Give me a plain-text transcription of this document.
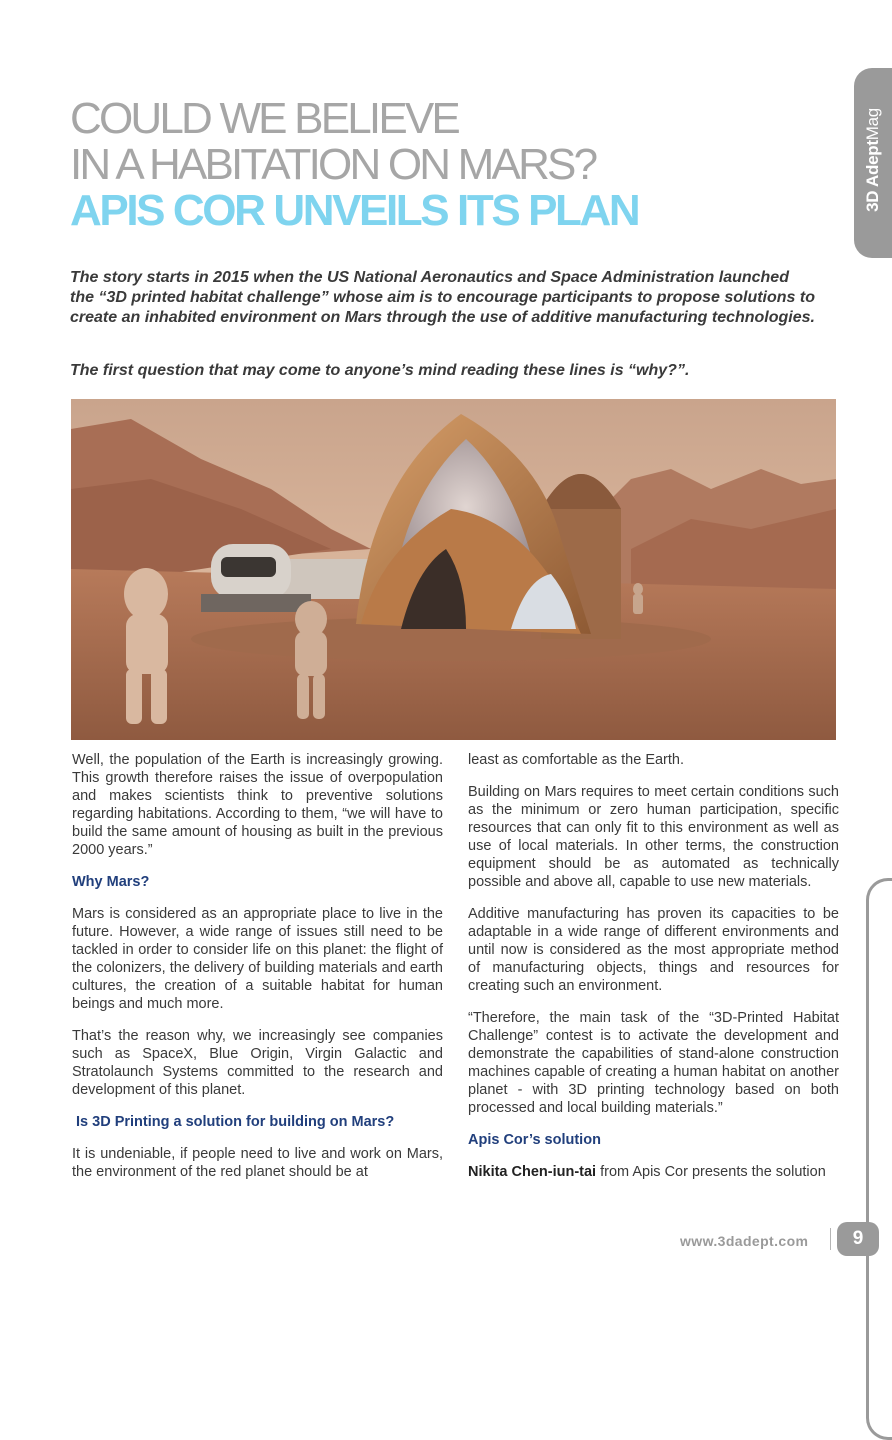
3D AdeptMag
COULD WE BELIEVE
IN A HABITATION ON MARS?
APIS COR UNVEILS ITS PLAN

The story starts in 2015 when the US National Aeronautics and Space Administration launched the “3D printed habitat challenge” whose aim is to encourage participants to propose solutions to create an inhabited environment on Mars through the use of additive manufacturing technologies.

The first question that may come to anyone’s mind reading these lines is “why?”.

Well, the population of the Earth is increasingly growing. This growth therefore raises the issue of overpopulation and makes scientists think to preventive solutions regarding habitations. According to them, “we will have to build the same amount of housing as built in the previous 2000 years.”

Why Mars?

Mars is considered as an appropriate place to live in the future. However, a wide range of issues still need to be tackled in order to consider life on this planet: the flight of the colonizers, the delivery of building materials and earth cultures, the creation of a suitable habitat for human beings and much more.

That’s the reason why, we increasingly see companies such as SpaceX, Blue Origin, Virgin Galactic and Stratolaunch Systems committed to the research and development of this planet.

Is 3D Printing a solution for building on Mars?

It is undeniable, if people need to live and work on Mars, the environment of the red planet should be at

least as comfortable as the Earth.

Building on Mars requires to meet certain conditions such as the minimum or zero human participation, specific resources that can only fit to this environment as well as use of local materials. In other terms, the construction equipment should be as automated as technically possible and above all, capable to use new materials.

Additive manufacturing has proven its capacities to be adaptable in a wide range of different environments and until now is considered as the most appropriate method of manufacturing objects, things and resources for creating such an environment.

“Therefore, the main task of the “3D-Printed Habitat Challenge” contest is to activate the development and demonstrate the capabilities of stand-alone construction machines capable of creating a human habitat on another planet - with 3D printing technology based on both processed and local building materials.”

Apis Cor’s solution

Nikita Chen-iun-tai from Apis Cor presents the solution

www.3dadept.com	9
